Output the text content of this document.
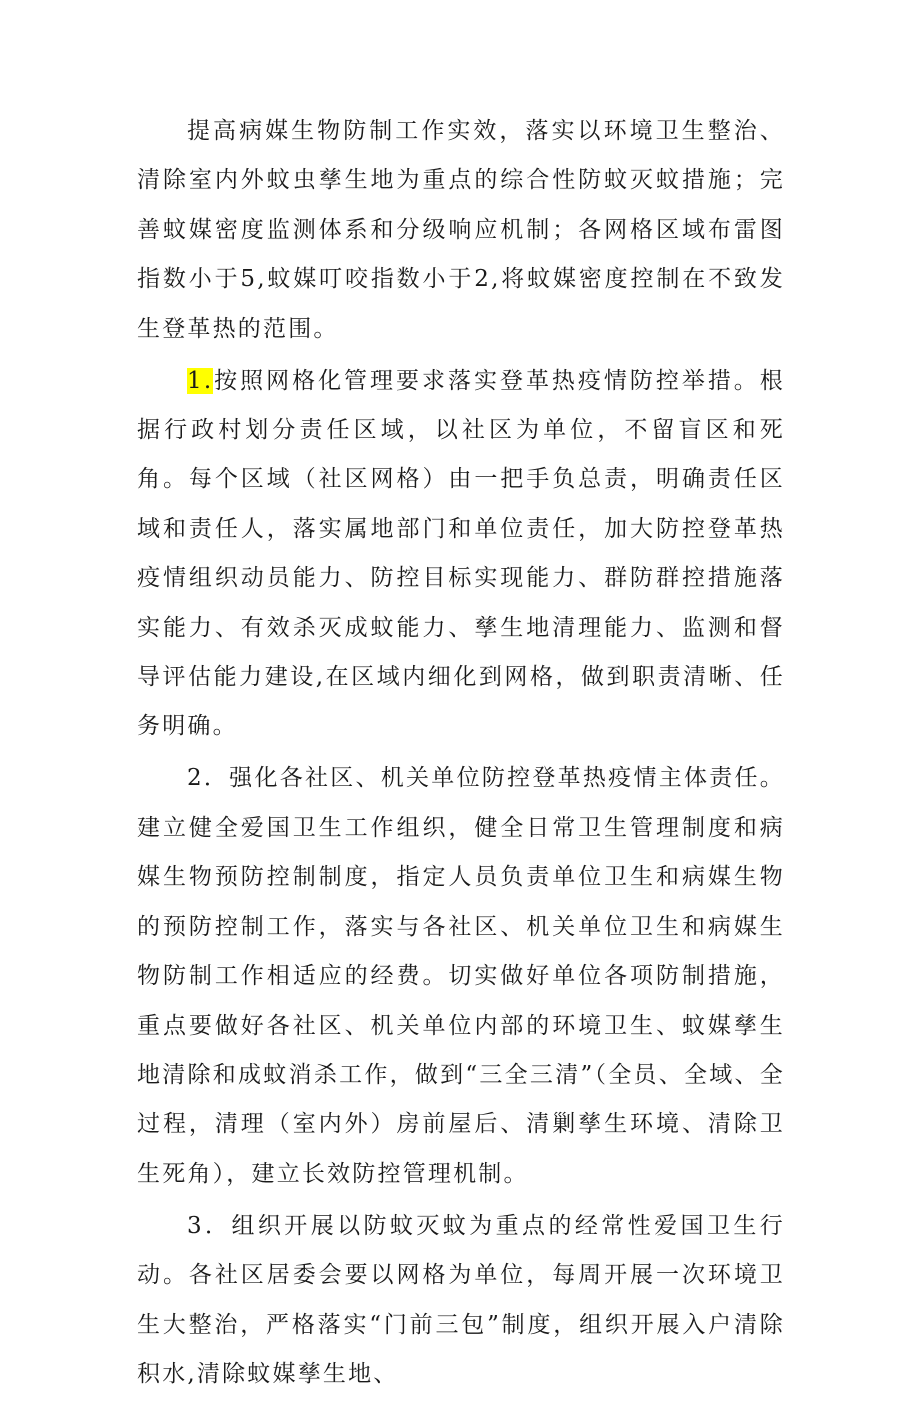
提高病媒生物防制工作实效，落实以环境卫生整治、清除室内外蚊虫孳生地为重点的综合性防蚊灭蚊措施；完善蚊媒密度监测体系和分级响应机制；各网格区域布雷图指数小于5,蚊媒叮咬指数小于2,将蚊媒密度控制在不致发生登革热的范围。

1.按照网格化管理要求落实登革热疫情防控举措。根据行政村划分责任区域，以社区为单位，不留盲区和死角。每个区域（社区网格）由一把手负总责，明确责任区域和责任人，落实属地部门和单位责任，加大防控登革热疫情组织动员能力、防控目标实现能力、群防群控措施落实能力、有效杀灭成蚊能力、孳生地清理能力、监测和督导评估能力建设,在区域内细化到网格，做到职责清晰、任务明确。

2．强化各社区、机关单位防控登革热疫情主体责任。建立健全爱国卫生工作组织，健全日常卫生管理制度和病媒生物预防控制制度，指定人员负责单位卫生和病媒生物的预防控制工作，落实与各社区、机关单位卫生和病媒生物防制工作相适应的经费。切实做好单位各项防制措施，重点要做好各社区、机关单位内部的环境卫生、蚊媒孳生地清除和成蚊消杀工作，做到“三全三清”（全员、全域、全过程，清理（室内外）房前屋后、清剿孳生环境、清除卫生死角），建立长效防控管理机制。

3．组织开展以防蚊灭蚊为重点的经常性爱国卫生行动。各社区居委会要以网格为单位，每周开展一次环境卫生大整治，严格落实“门前三包”制度，组织开展入户清除积水,清除蚊媒孳生地、
